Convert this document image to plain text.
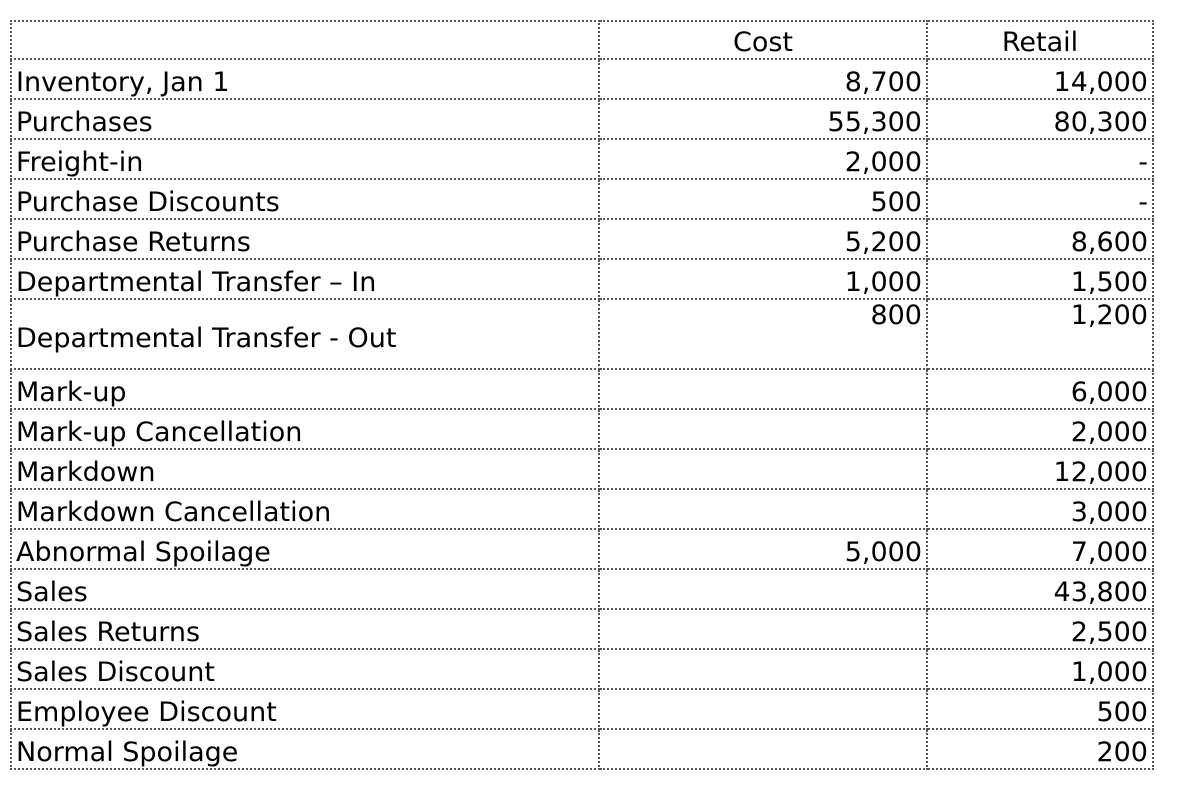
	Cost	Retail
Inventory, Jan 1	8,700	14,000
Purchases	55,300	80,300
Freight-in	2,000	-
Purchase Discounts	500	-
Purchase Returns	5,200	8,600
Departmental Transfer – In	1,000	1,500
Departmental Transfer - Out	800	1,200
Mark-up		6,000
Mark-up Cancellation		2,000
Markdown		12,000
Markdown Cancellation		3,000
Abnormal Spoilage	5,000	7,000
Sales		43,800
Sales Returns		2,500
Sales Discount		1,000
Employee Discount		500
Normal Spoilage		200
